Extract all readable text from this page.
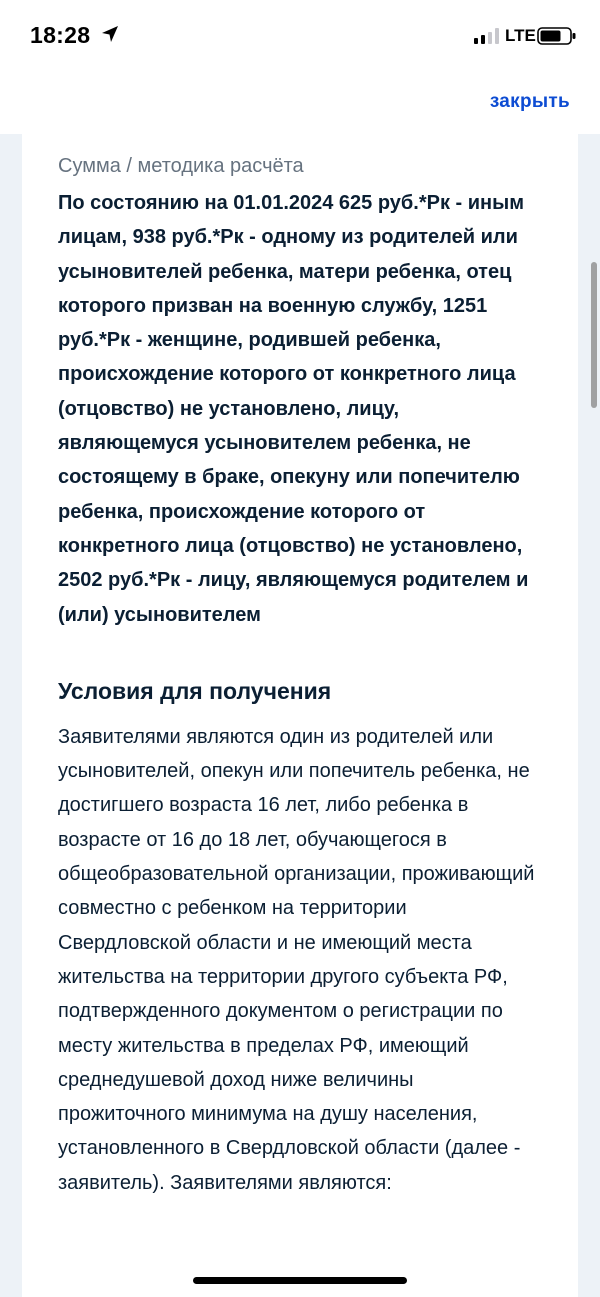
18:28	LTE
закрыть

Сумма / методика расчёта

По состоянию на 01.01.2024 625 руб.*Рк - иным лицам, 938 руб.*Рк - одному из родителей или усыновителей ребенка, матери ребенка, отец которого призван на военную службу, 1251 руб.*Рк - женщине, родившей ребенка, происхождение которого от конкретного лица (отцовство) не установлено, лицу, являющемуся усыновителем ребенка, не состоящему в браке, опекуну или попечителю ребенка, происхождение которого от конкретного лица (отцовство) не установлено, 2502 руб.*Рк - лицу, являющемуся родителем и (или) усыновителем

Условия для получения

Заявителями являются один из родителей или усыновителей, опекун или попечитель ребенка, не достигшего возраста 16 лет, либо ребенка в возрасте от 16 до 18 лет, обучающегося в общеобразовательной организации, проживающий совместно с ребенком на территории Свердловской области и не имеющий места жительства на территории другого субъекта РФ, подтвержденного документом о регистрации по месту жительства в пределах РФ, имеющий среднедушевой доход ниже величины прожиточного минимума на душу населения, установленного в Свердловской области (далее - заявитель). Заявителями являются:
